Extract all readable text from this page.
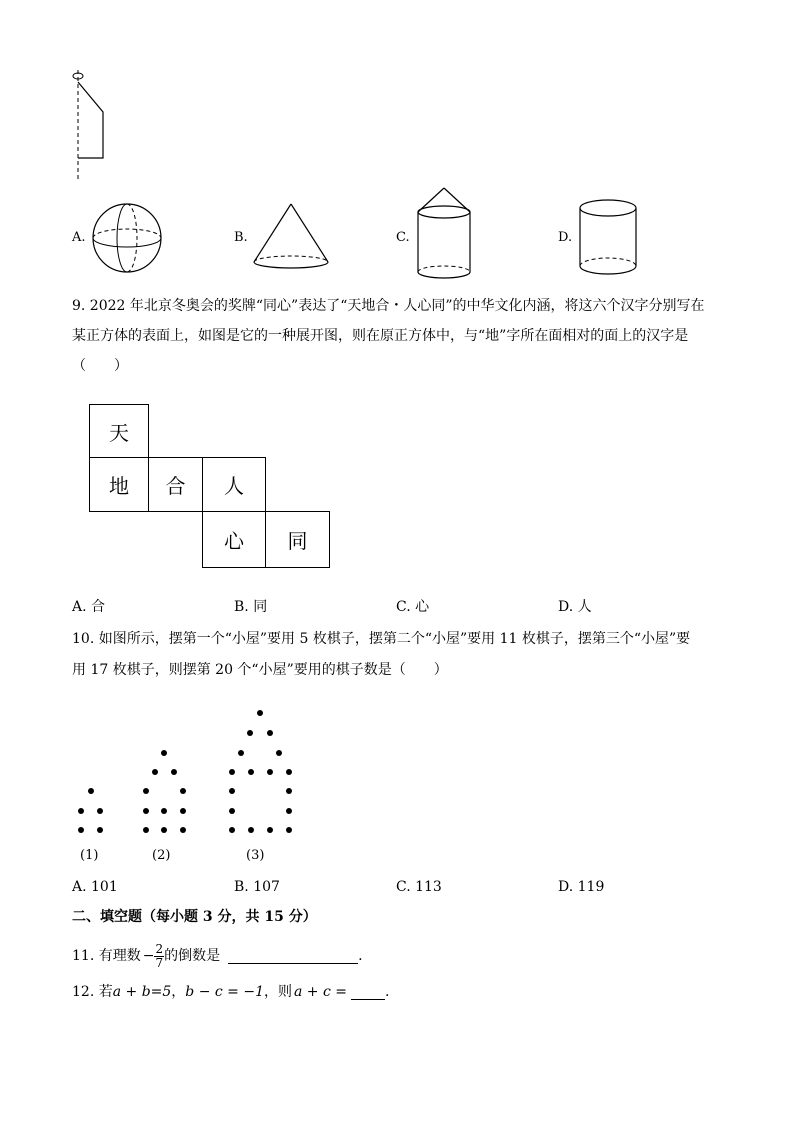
A.	B.	C.	D.
9. 2022 年北京冬奥会的奖牌“同心”表达了“天地合・人心同”的中华文化内涵，将这六个汉字分别写在
某正方体的表面上，如图是它的一种展开图，则在原正方体中，与“地”字所在面相对的面上的汉字是
（　　）
天
地	合	人
心	同
A. 合	B. 同	C. 心	D. 人
10. 如图所示，摆第一个“小屋”要用 5 枚棋子，摆第二个“小屋”要用 11 枚棋子，摆第三个“小屋”要
用 17 枚棋子，则摆第 20 个“小屋”要用的棋子数是（　　）
(1)	(2)	(3)
A. 101	B. 107	C. 113	D. 119
二、填空题（每小题 3 分，共 15 分）
11. 有理数 − $\frac{2}{7}$ 的倒数是	.
12. 若 a + b=5 ， b − c = −1 ，则 a + c =	.
